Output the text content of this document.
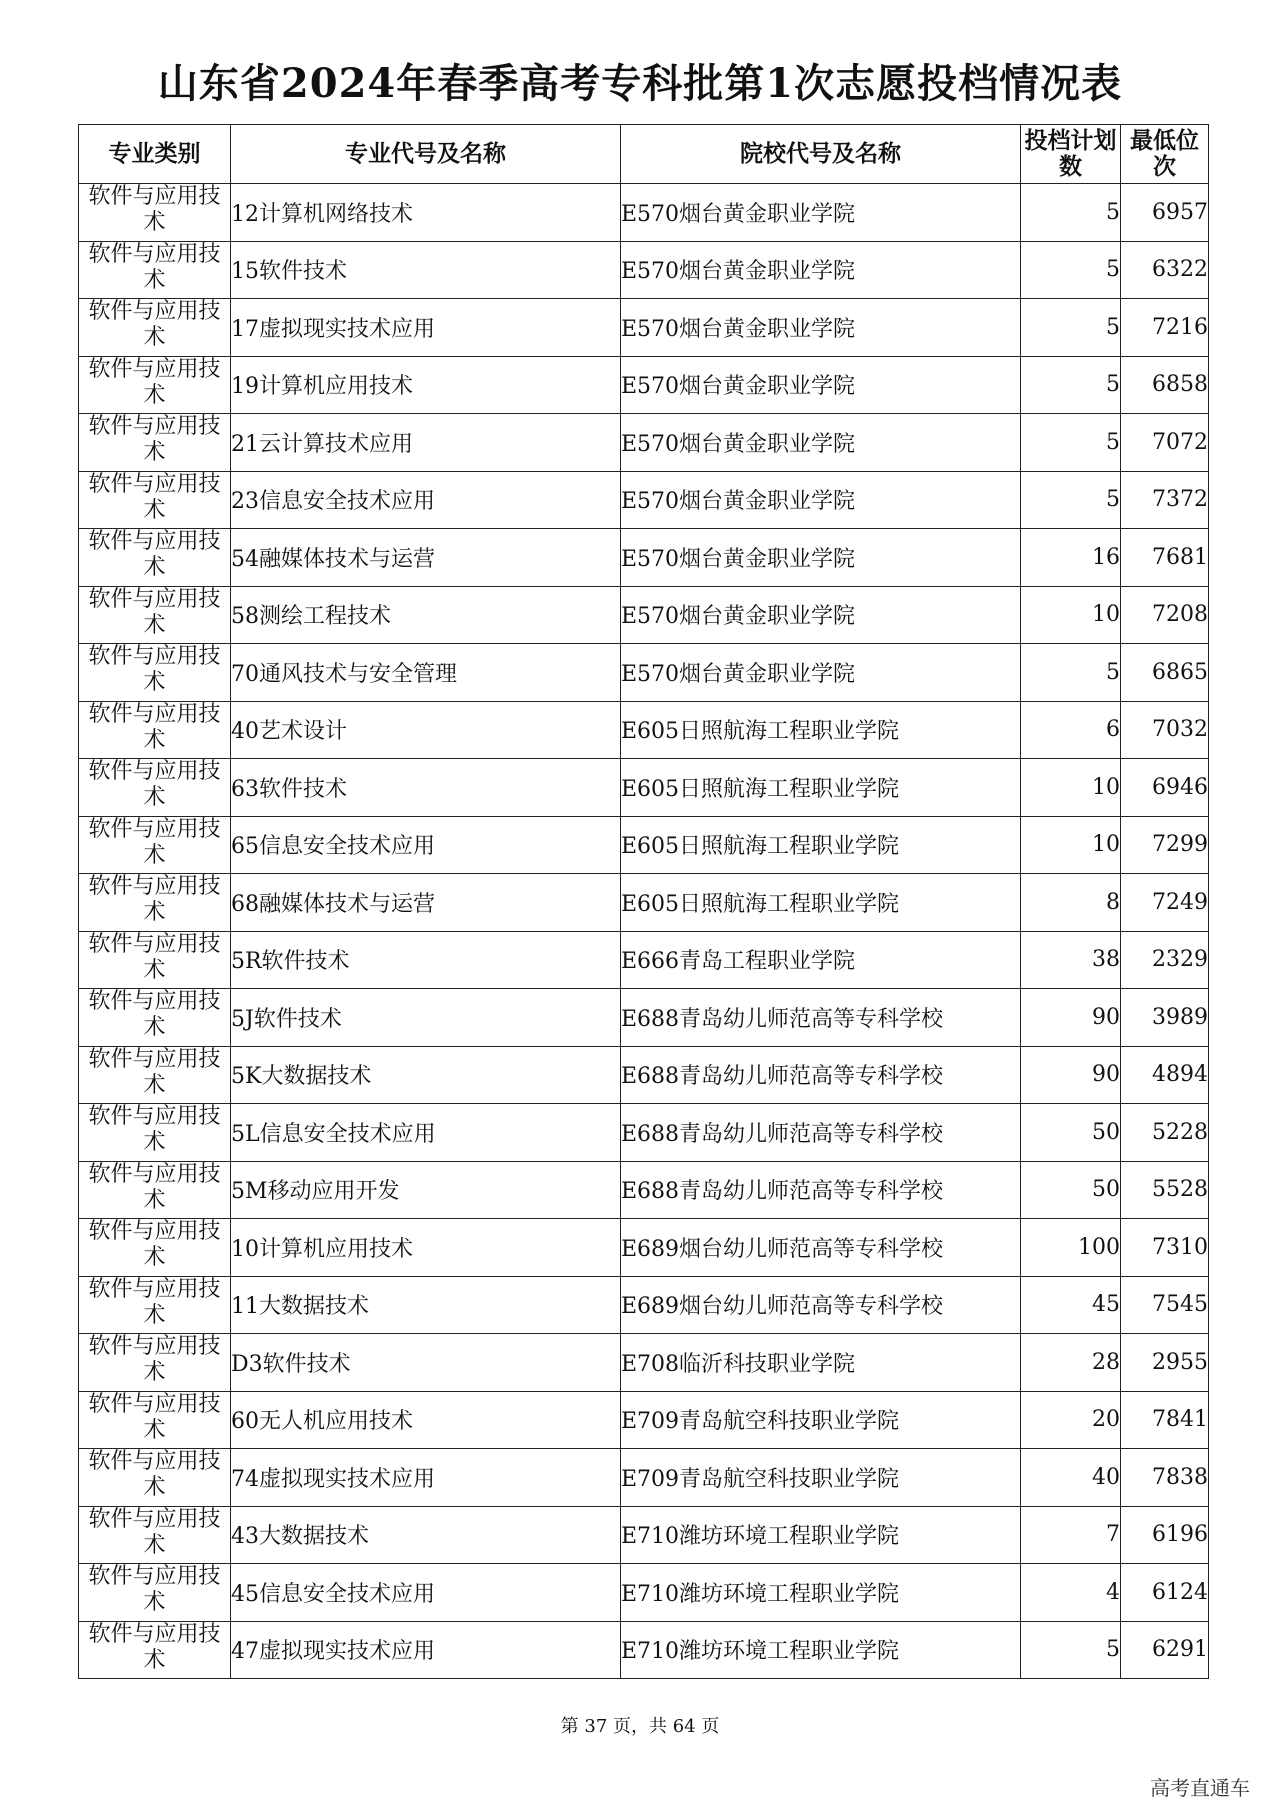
山东省2024年春季高考专科批第1次志愿投档情况表
专业类别	专业代号及名称	院校代号及名称	投档计划数	最低位次
软件与应用技术	12计算机网络技术	E570烟台黄金职业学院	5	6957
软件与应用技术	15软件技术	E570烟台黄金职业学院	5	6322
软件与应用技术	17虚拟现实技术应用	E570烟台黄金职业学院	5	7216
软件与应用技术	19计算机应用技术	E570烟台黄金职业学院	5	6858
软件与应用技术	21云计算技术应用	E570烟台黄金职业学院	5	7072
软件与应用技术	23信息安全技术应用	E570烟台黄金职业学院	5	7372
软件与应用技术	54融媒体技术与运营	E570烟台黄金职业学院	16	7681
软件与应用技术	58测绘工程技术	E570烟台黄金职业学院	10	7208
软件与应用技术	70通风技术与安全管理	E570烟台黄金职业学院	5	6865
软件与应用技术	40艺术设计	E605日照航海工程职业学院	6	7032
软件与应用技术	63软件技术	E605日照航海工程职业学院	10	6946
软件与应用技术	65信息安全技术应用	E605日照航海工程职业学院	10	7299
软件与应用技术	68融媒体技术与运营	E605日照航海工程职业学院	8	7249
软件与应用技术	5R软件技术	E666青岛工程职业学院	38	2329
软件与应用技术	5J软件技术	E688青岛幼儿师范高等专科学校	90	3989
软件与应用技术	5K大数据技术	E688青岛幼儿师范高等专科学校	90	4894
软件与应用技术	5L信息安全技术应用	E688青岛幼儿师范高等专科学校	50	5228
软件与应用技术	5M移动应用开发	E688青岛幼儿师范高等专科学校	50	5528
软件与应用技术	10计算机应用技术	E689烟台幼儿师范高等专科学校	100	7310
软件与应用技术	11大数据技术	E689烟台幼儿师范高等专科学校	45	7545
软件与应用技术	D3软件技术	E708临沂科技职业学院	28	2955
软件与应用技术	60无人机应用技术	E709青岛航空科技职业学院	20	7841
软件与应用技术	74虚拟现实技术应用	E709青岛航空科技职业学院	40	7838
软件与应用技术	43大数据技术	E710潍坊环境工程职业学院	7	6196
软件与应用技术	45信息安全技术应用	E710潍坊环境工程职业学院	4	6124
软件与应用技术	47虚拟现实技术应用	E710潍坊环境工程职业学院	5	6291
第 37 页，共 64 页
高考直通车
